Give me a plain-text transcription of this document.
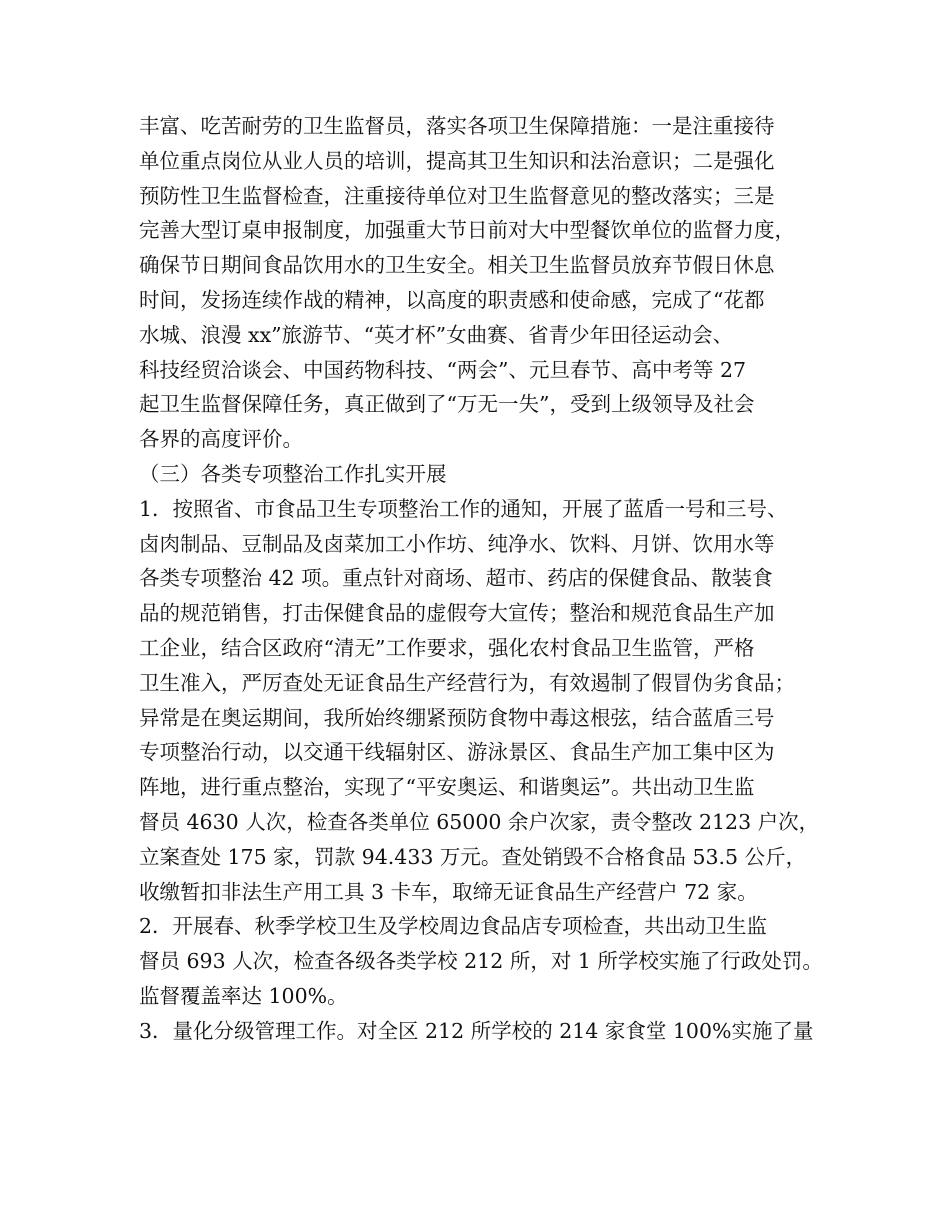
丰富、吃苦耐劳的卫生监督员，落实各项卫生保障措施：一是注重接待
单位重点岗位从业人员的培训，提高其卫生知识和法治意识；二是强化
预防性卫生监督检查，注重接待单位对卫生监督意见的整改落实；三是
完善大型订桌申报制度，加强重大节日前对大中型餐饮单位的监督力度，
确保节日期间食品饮用水的卫生安全。相关卫生监督员放弃节假日休息
时间，发扬连续作战的精神，以高度的职责感和使命感，完成了“花都
水城、浪漫 xx”旅游节、“英才杯”女曲赛、省青少年田径运动会、
科技经贸洽谈会、中国药物科技、“两会”、元旦春节、高中考等 27
起卫生监督保障任务，真正做到了“万无一失”，受到上级领导及社会
各界的高度评价。
（三）各类专项整治工作扎实开展
1．按照省、市食品卫生专项整治工作的通知，开展了蓝盾一号和三号、
卤肉制品、豆制品及卤菜加工小作坊、纯净水、饮料、月饼、饮用水等
各类专项整治 42 项。重点针对商场、超市、药店的保健食品、散装食
品的规范销售，打击保健食品的虚假夸大宣传；整治和规范食品生产加
工企业，结合区政府“清无”工作要求，强化农村食品卫生监管，严格
卫生准入，严厉查处无证食品生产经营行为，有效遏制了假冒伪劣食品；
异常是在奥运期间，我所始终绷紧预防食物中毒这根弦，结合蓝盾三号
专项整治行动，以交通干线辐射区、游泳景区、食品生产加工集中区为
阵地，进行重点整治，实现了“平安奥运、和谐奥运”。共出动卫生监
督员 4630 人次，检查各类单位 65000 余户次家，责令整改 2123 户次，
立案查处 175 家，罚款 94.433 万元。查处销毁不合格食品 53.5 公斤，
收缴暂扣非法生产用工具 3 卡车，取缔无证食品生产经营户 72 家。
2．开展春、秋季学校卫生及学校周边食品店专项检查，共出动卫生监
督员 693 人次，检查各级各类学校 212 所，对 1 所学校实施了行政处罚。
监督覆盖率达 100%。
3．量化分级管理工作。对全区 212 所学校的 214 家食堂 100%实施了量
